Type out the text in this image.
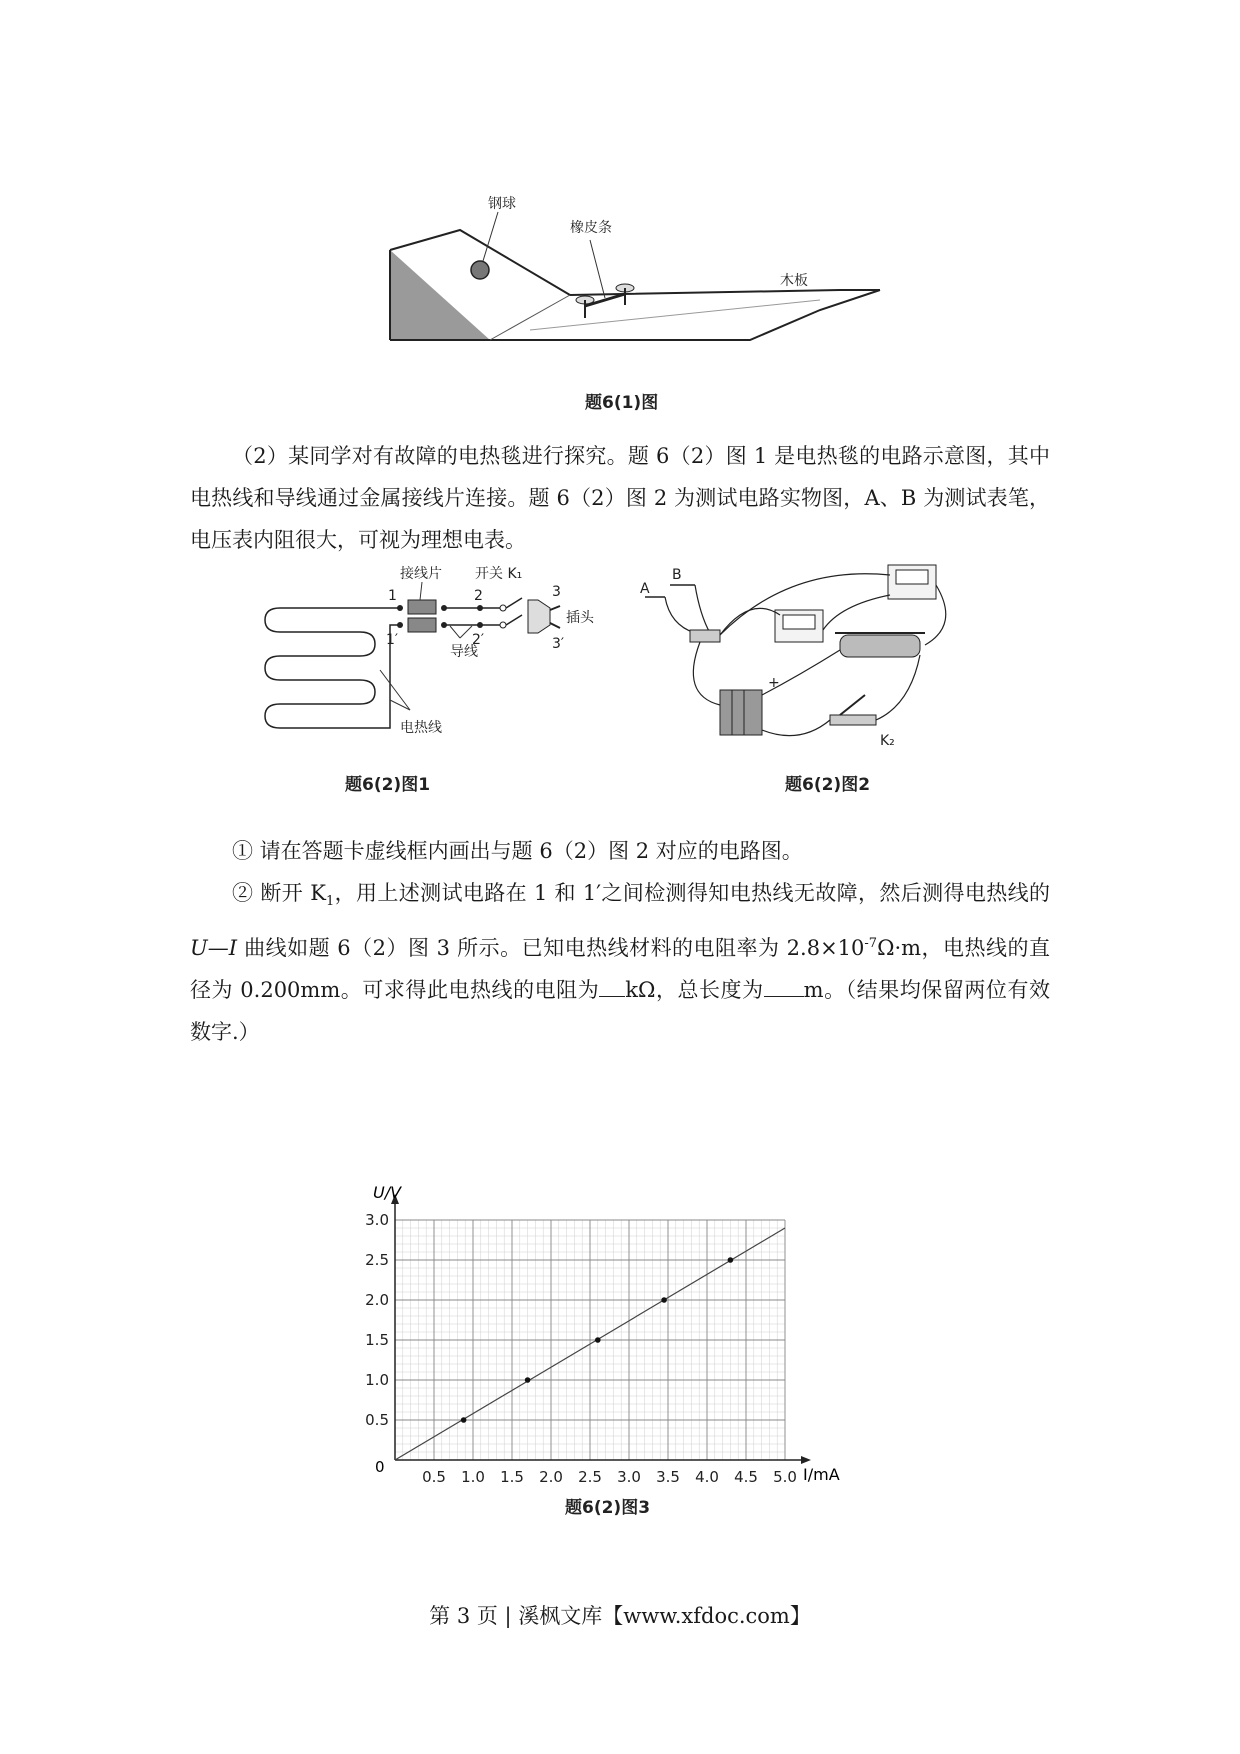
钢球
橡皮条
木板
题6(1)图

（2）某同学对有故障的电热毯进行探究。题 6（2）图 1 是电热毯的电路示意图，其中电热线和导线通过金属接线片连接。题 6（2）图 2 为测试电路实物图，A、B 为测试表笔，电压表内阻很大，可视为理想电表。

接线片 开关 K₁
插头
导线
电热线
1
1′
2
2′
3
3′
题6(2)图1
A
B
+
K₂
题6(2)图2

① 请在答题卡虚线框内画出与题 6（2）图 2 对应的电路图。

② 断开 $K_1$，用上述测试电路在 1 和 1′之间检测得知电热线无故障，然后测得电热线的 U—I 曲线如题 6（2）图 3 所示。已知电热线材料的电阻率为 $2.8\times 10^{-7}\Omega\cdot m$，电热线的直径为 0.200mm。可求得此电热线的电阻为 kΩ，总长度为 m。（结果均保留两位有效数字.）

0.5 1.0 1.5 2.0 2.5 3.0 3.5 4.0 4.5 5.0
0.5
1.0
1.5
2.0
2.5
3.0
U/V
I/mA
0
题6(2)图3
第 3 页 | 溪枫文库【www.xfdoc.com】
